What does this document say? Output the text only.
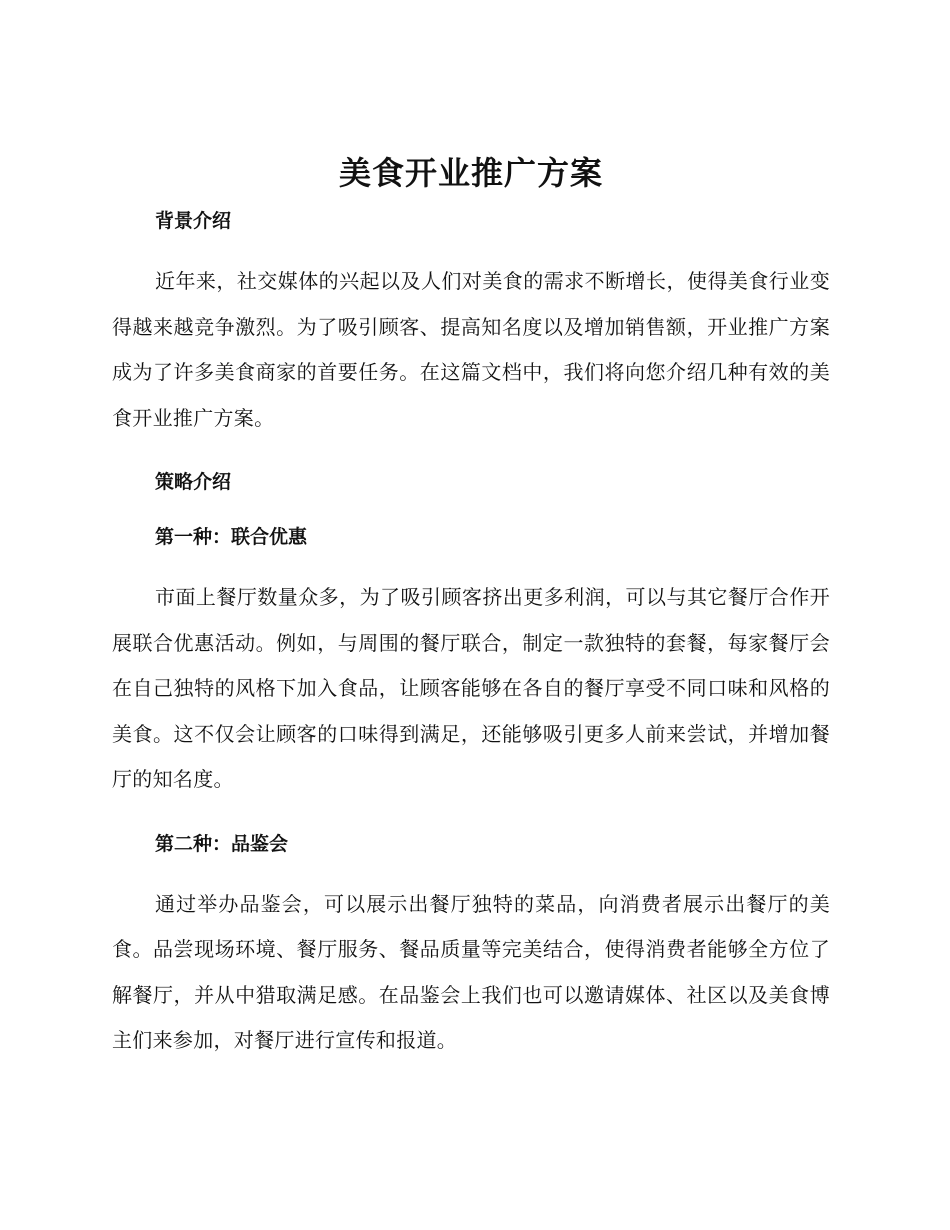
美食开业推广方案

背景介绍

近年来，社交媒体的兴起以及人们对美食的需求不断增长，使得美食行业变得越来越竞争激烈。为了吸引顾客、提高知名度以及增加销售额，开业推广方案成为了许多美食商家的首要任务。在这篇文档中，我们将向您介绍几种有效的美食开业推广方案。

策略介绍

第一种：联合优惠

市面上餐厅数量众多，为了吸引顾客挤出更多利润，可以与其它餐厅合作开展联合优惠活动。例如，与周围的餐厅联合，制定一款独特的套餐，每家餐厅会在自己独特的风格下加入食品，让顾客能够在各自的餐厅享受不同口味和风格的美食。这不仅会让顾客的口味得到满足，还能够吸引更多人前来尝试，并增加餐厅的知名度。

第二种：品鉴会

通过举办品鉴会，可以展示出餐厅独特的菜品，向消费者展示出餐厅的美食。品尝现场环境、餐厅服务、餐品质量等完美结合，使得消费者能够全方位了解餐厅，并从中猎取满足感。在品鉴会上我们也可以邀请媒体、社区以及美食博主们来参加，对餐厅进行宣传和报道。
